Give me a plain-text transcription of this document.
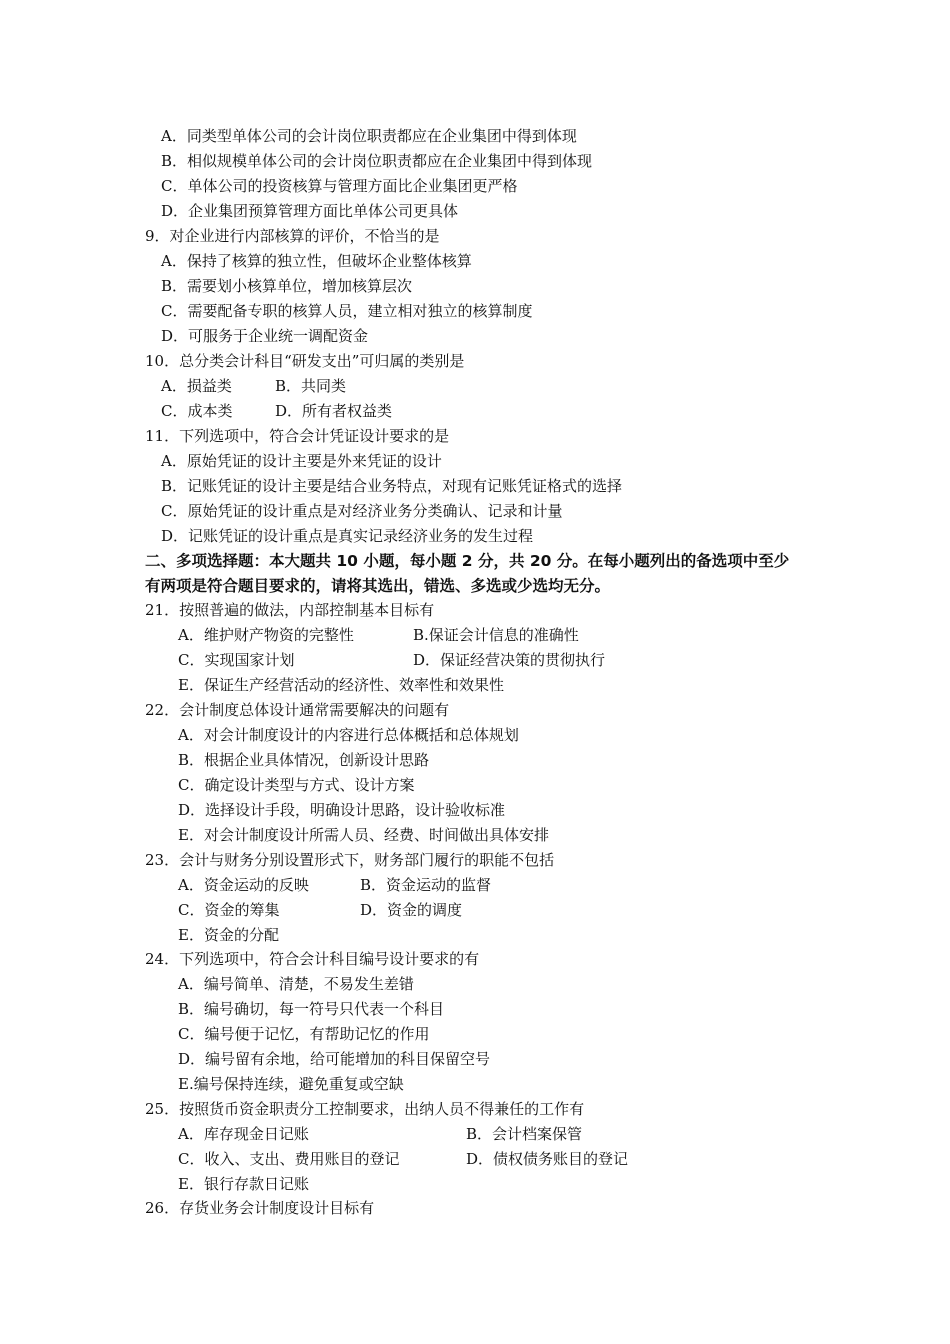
A．同类型单体公司的会计岗位职责都应在企业集团中得到体现
B．相似规模单体公司的会计岗位职责都应在企业集团中得到体现
C．单体公司的投资核算与管理方面比企业集团更严格
D．企业集团预算管理方面比单体公司更具体
9．对企业进行内部核算的评价，不恰当的是
A．保持了核算的独立性，但破坏企业整体核算
B．需要划小核算单位，增加核算层次
C．需要配备专职的核算人员，建立相对独立的核算制度
D．可服务于企业统一调配资金
10．总分类会计科目“研发支出”可归属的类别是
A．损益类	B．共同类
C．成本类	D．所有者权益类
11．下列选项中，符合会计凭证设计要求的是
A．原始凭证的设计主要是外来凭证的设计
B．记账凭证的设计主要是结合业务特点，对现有记账凭证格式的选择
C．原始凭证的设计重点是对经济业务分类确认、记录和计量
D．记账凭证的设计重点是真实记录经济业务的发生过程
二、多项选择题：本大题共 10 小题，每小题 2 分，共 20 分。在每小题列出的备选项中至少
有两项是符合题目要求的，请将其选出，错选、多选或少选均无分。
21．按照普遍的做法，内部控制基本目标有
A．维护财产物资的完整性	B.保证会计信息的准确性
C．实现国家计划	D．保证经营决策的贯彻执行
E．保证生产经营活动的经济性、效率性和效果性
22．会计制度总体设计通常需要解决的问题有
A．对会计制度设计的内容进行总体概括和总体规划
B．根据企业具体情况，创新设计思路
C．确定设计类型与方式、设计方案
D．选择设计手段，明确设计思路，设计验收标准
E．对会计制度设计所需人员、经费、时间做出具体安排
23．会计与财务分别设置形式下，财务部门履行的职能不包括
A．资金运动的反映	B．资金运动的监督
C．资金的筹集	D．资金的调度
E．资金的分配
24．下列选项中，符合会计科目编号设计要求的有
A．编号简单、清楚，不易发生差错
B．编号确切，每一符号只代表一个科目
C．编号便于记忆，有帮助记忆的作用
D．编号留有余地，给可能增加的科目保留空号
E.编号保持连续，避免重复或空缺
25．按照货币资金职责分工控制要求，出纳人员不得兼任的工作有
A．库存现金日记账	B．会计档案保管
C．收入、支出、费用账目的登记	D．债权债务账目的登记
E．银行存款日记账
26．存货业务会计制度设计目标有
